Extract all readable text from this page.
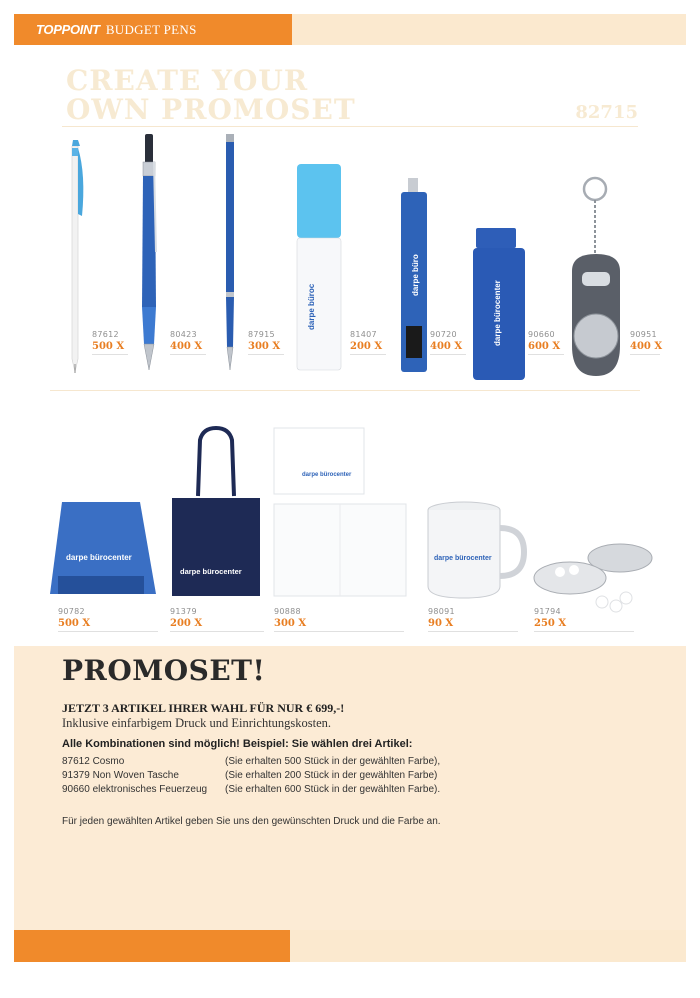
TOPPOINT BUDGET PENS
CREATE YOUR
OWN PROMOSET	82715
87612
500 X
80423
400 X
87915
300 X
darpe büroc
81407
200 X
darpe büro
90720
400 X
darpe bürocenter	90660
600 X
90951
400 X
darpe bürocenter
90782
500 X
darpe bürocenter
91379
200 X
darpe bürocenter
90888
300 X
darpe bürocenter
98091
90 X
91794
250 X
PROMOSET!
JETZT 3 ARTIKEL IHRER WAHL FÜR NUR € 699,-!
Inklusive einfarbigem Druck und Einrichtungskosten.
Alle Kombinationen sind möglich! Beispiel: Sie wählen drei Artikel:
87612 Cosmo	(Sie erhalten 500 Stück in der gewählten Farbe),
91379 Non Woven Tasche	(Sie erhalten 200 Stück in der gewählten Farbe)
90660 elektronisches Feuerzeug (Sie erhalten 600 Stück in der gewählten Farbe).
Für jeden gewählten Artikel geben Sie uns den gewünschten Druck und die Farbe an.
